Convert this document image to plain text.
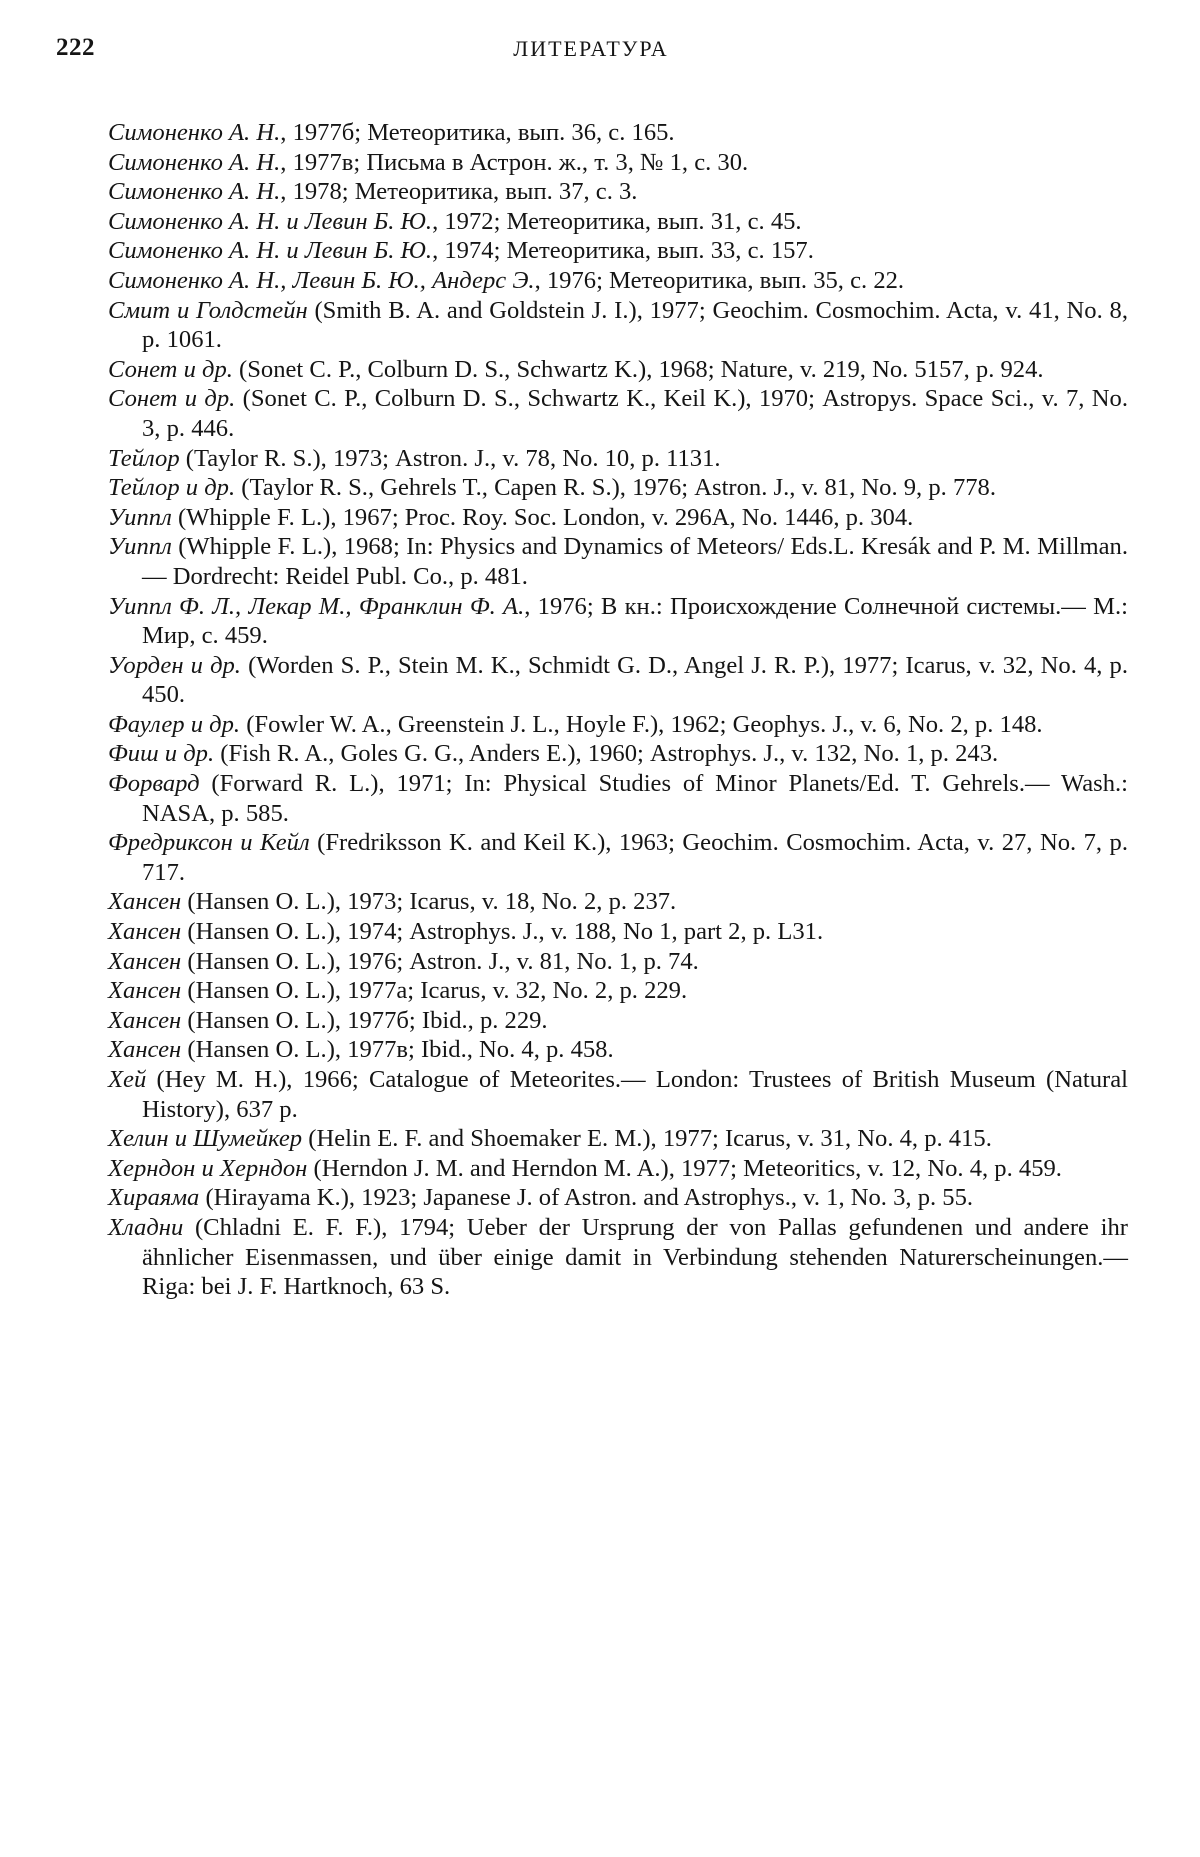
222	ЛИТЕРАТУРА
Симоненко А. Н., 1977б; Метеоритика, вып. 36, с. 165.
Симоненко А. Н., 1977в; Письма в Астрон. ж., т. 3, № 1, с. 30.
Симоненко А. Н., 1978; Метеоритика, вып. 37, с. 3.
Симоненко А. Н. и Левин Б. Ю., 1972; Метеоритика, вып. 31, с. 45.
Симоненко А. Н. и Левин Б. Ю., 1974; Метеоритика, вып. 33, с. 157.
Симоненко А. Н., Левин Б. Ю., Андерс Э., 1976; Метеоритика, вып. 35, с. 22.
Смит и Голдстейн (Smith B. A. and Goldstein J. I.), 1977; Geochim. Cosmochim. Acta, v. 41, No. 8, p. 1061.
Сонет и др. (Sonet C. P., Colburn D. S., Schwartz K.), 1968; Nature, v. 219, No. 5157, p. 924.
Сонет и др. (Sonet C. P., Colburn D. S., Schwartz K., Keil K.), 1970; Astropys. Space Sci., v. 7, No. 3, p. 446.
Тейлор (Taylor R. S.), 1973; Astron. J., v. 78, No. 10, p. 1131.
Тейлор и др. (Taylor R. S., Gehrels T., Capen R. S.), 1976; Astron. J., v. 81, No. 9, p. 778.
Уиппл (Whipple F. L.), 1967; Proc. Roy. Soc. London, v. 296A, No. 1446, p. 304.
Уиппл (Whipple F. L.), 1968; In: Physics and Dynamics of Meteors/ Eds.L. Kresák and P. M. Millman.— Dordrecht: Reidel Publ. Co., p. 481.
Уиппл Ф. Л., Лекар М., Франклин Ф. А., 1976; В кн.: Происхождение Солнечной системы.— М.: Мир, с. 459.
Уорден и др. (Worden S. P., Stein M. K., Schmidt G. D., Angel J. R. P.), 1977; Icarus, v. 32, No. 4, p. 450.
Фаулер и др. (Fowler W. A., Greenstein J. L., Hoyle F.), 1962; Geophys. J., v. 6, No. 2, p. 148.
Фиш и др. (Fish R. A., Goles G. G., Anders E.), 1960; Astrophys. J., v. 132, No. 1, p. 243.
Форвард (Forward R. L.), 1971; In: Physical Studies of Minor Planets/Ed. T. Gehrels.— Wash.: NASA, p. 585.
Фредриксон и Кейл (Fredriksson K. and Keil K.), 1963; Geochim. Cosmochim. Acta, v. 27, No. 7, p. 717.
Хансен (Hansen O. L.), 1973; Icarus, v. 18, No. 2, p. 237.
Хансен (Hansen O. L.), 1974; Astrophys. J., v. 188, No 1, part 2, p. L31.
Хансен (Hansen O. L.), 1976; Astron. J., v. 81, No. 1, p. 74.
Хансен (Hansen O. L.), 1977а; Icarus, v. 32, No. 2, p. 229.
Хансен (Hansen O. L.), 1977б; Ibid., p. 229.
Хансен (Hansen O. L.), 1977в; Ibid., No. 4, p. 458.
Хей (Hey M. H.), 1966; Catalogue of Meteorites.— London: Trustees of British Museum (Natural History), 637 p.
Хелин и Шумейкер (Helin E. F. and Shoemaker E. M.), 1977; Icarus, v. 31, No. 4, p. 415.
Херндон и Херндон (Herndon J. M. and Herndon M. A.), 1977; Meteoritics, v. 12, No. 4, p. 459.
Хираяма (Hirayama K.), 1923; Japanese J. of Astron. and Astrophys., v. 1, No. 3, p. 55.
Хладни (Chladni E. F. F.), 1794; Ueber der Ursprung der von Pallas gefundenen und andere ihr ähnlicher Eisenmassen, und über einige damit in Verbindung stehenden Naturerscheinungen.— Riga: bei J. F. Hartknoch, 63 S.
